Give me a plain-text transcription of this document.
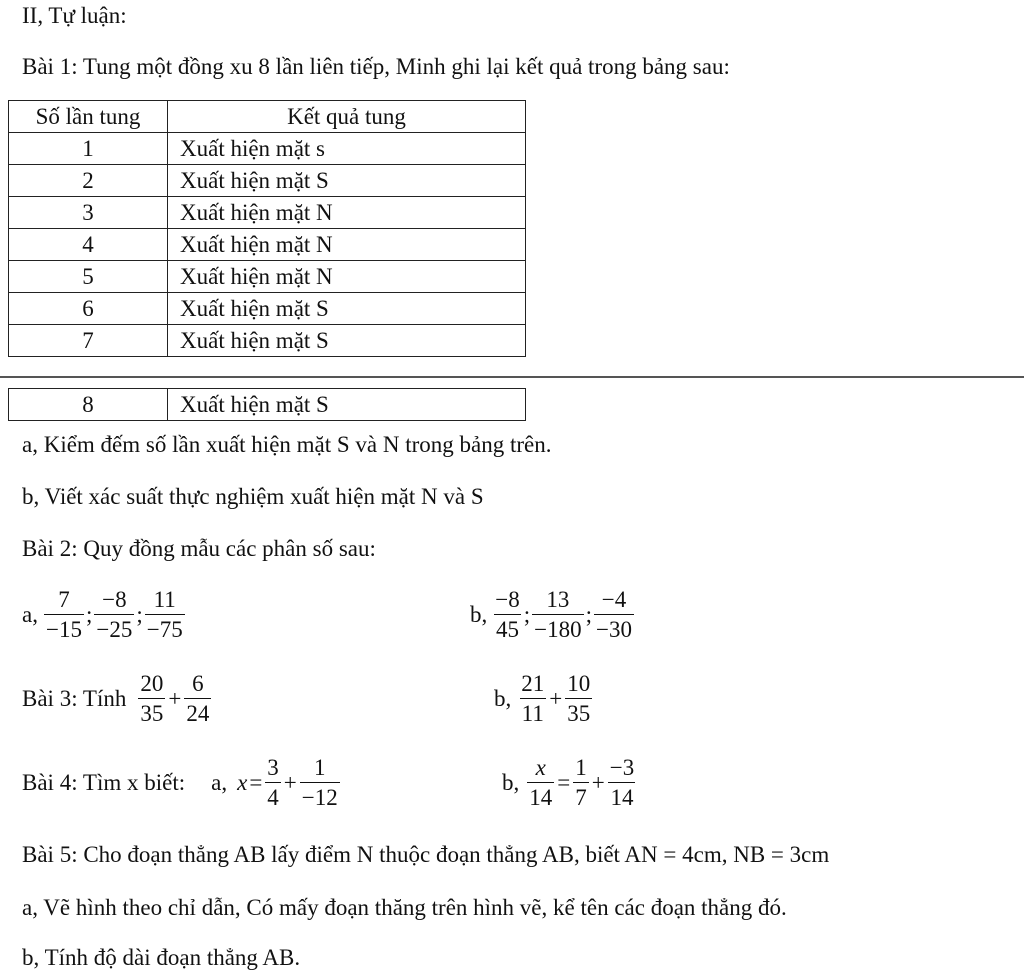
II, Tự luận:
Bài 1: Tung một đồng xu 8 lần liên tiếp, Minh ghi lại kết quả trong bảng sau:
Số lần tung	Kết quả tung
1	Xuất hiện mặt s
2	Xuất hiện mặt S
3	Xuất hiện mặt N
4	Xuất hiện mặt N
5	Xuất hiện mặt N
6	Xuất hiện mặt S
7	Xuất hiện mặt S
8	Xuất hiện mặt S
a, Kiểm đếm số lần xuất hiện mặt S và N trong bảng trên.
b, Viết xác suất thực nghiệm xuất hiện mặt N và S
Bài 2: Quy đồng mẫu các phân số sau:
a, $\frac{7}{-15}$ ; $\frac{-8}{-25}$ ; $\frac{11}{-75}$	b, $\frac{-8}{45}$ ; $\frac{13}{-180}$ ; $\frac{-4}{-30}$
Bài 3: Tính $\frac{20}{35} + \frac{6}{24}$	b, $\frac{21}{11} + \frac{10}{35}$
Bài 4: Tìm x biết: a, $x = \frac{3}{4} + \frac{1}{-12}$	b, $\frac{x}{14} = \frac{1}{7} + \frac{-3}{14}$
Bài 5: Cho đoạn thẳng AB lấy điểm N thuộc đoạn thẳng AB, biết AN = 4cm, NB = 3cm
a, Vẽ hình theo chỉ dẫn, Có mấy đoạn thăng trên hình vẽ, kể tên các đoạn thẳng đó.
b, Tính độ dài đoạn thẳng AB.
